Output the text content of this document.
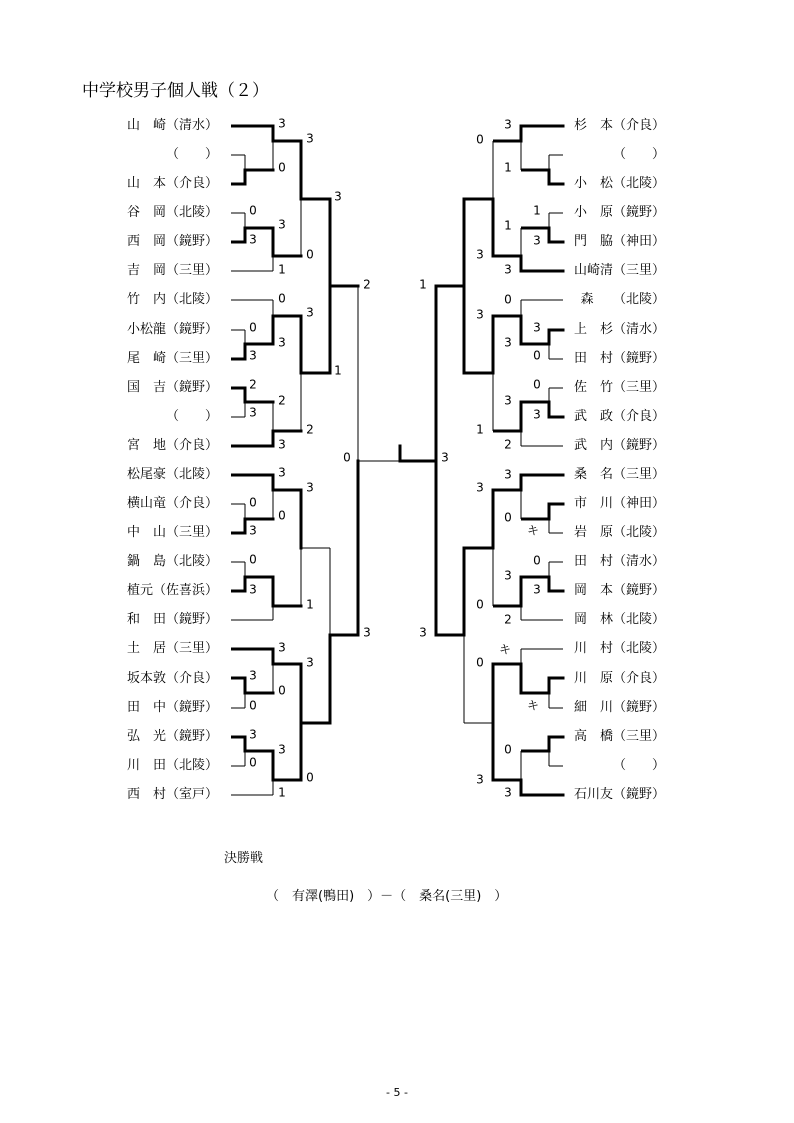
中学校男子個人戦（２）
山　崎（清水）
（　　）
山　本（介良）
谷　岡（北陵）
西　岡（鏡野）
吉　岡（三里）
竹　内（北陵）
小松龍（鏡野）
尾　崎（三里）
国　吉（鏡野）
（　　）
宮　地（介良）
松尾豪（北陵）
横山竜（介良）
中　山（三里）
鍋　島（北陵）
植元（佐喜浜）
和　田（鏡野）
土　居（三里）
坂本敦（介良）
田　中（鏡野）
弘　光（鏡野）
川　田（北陵）
西　村（室戸）
杉　本（介良）
（　　）
小　松（北陵）
小　原（鏡野）
門　脇（神田）
山崎清（三里）
森　　（北陵）
上　杉（清水）
田　村（鏡野）
佐　竹（三里）
武　政（介良）
武　内（鏡野）
桑　名（三里）
市　川（神田）
岩　原（北陵）
田　村（清水）
岡　本（鏡野）
岡　林（北陵）
川　村（北陵）
川　原（介良）
細　川（鏡野）
高　橋（三里）
（　　）
石川友（鏡野）
3
3
0
3
0
3
3
0
1
2
0
3
0
3
3
1
2
2
3
2
3
0
3
3
0
0
3
0
3
1
3
3
3
3
0
0
3
3
0
0
1
3
0
1
1
1
3
3
3
1
0
3
3
3
0
0
3
3
1
2
3
3
3
0
キ
0
3
3
0
2
3
キ
0
キ
0
3
3
決勝戦
（　有澤(鴨田)　）－（　桑名(三里)　）
- 5 -
